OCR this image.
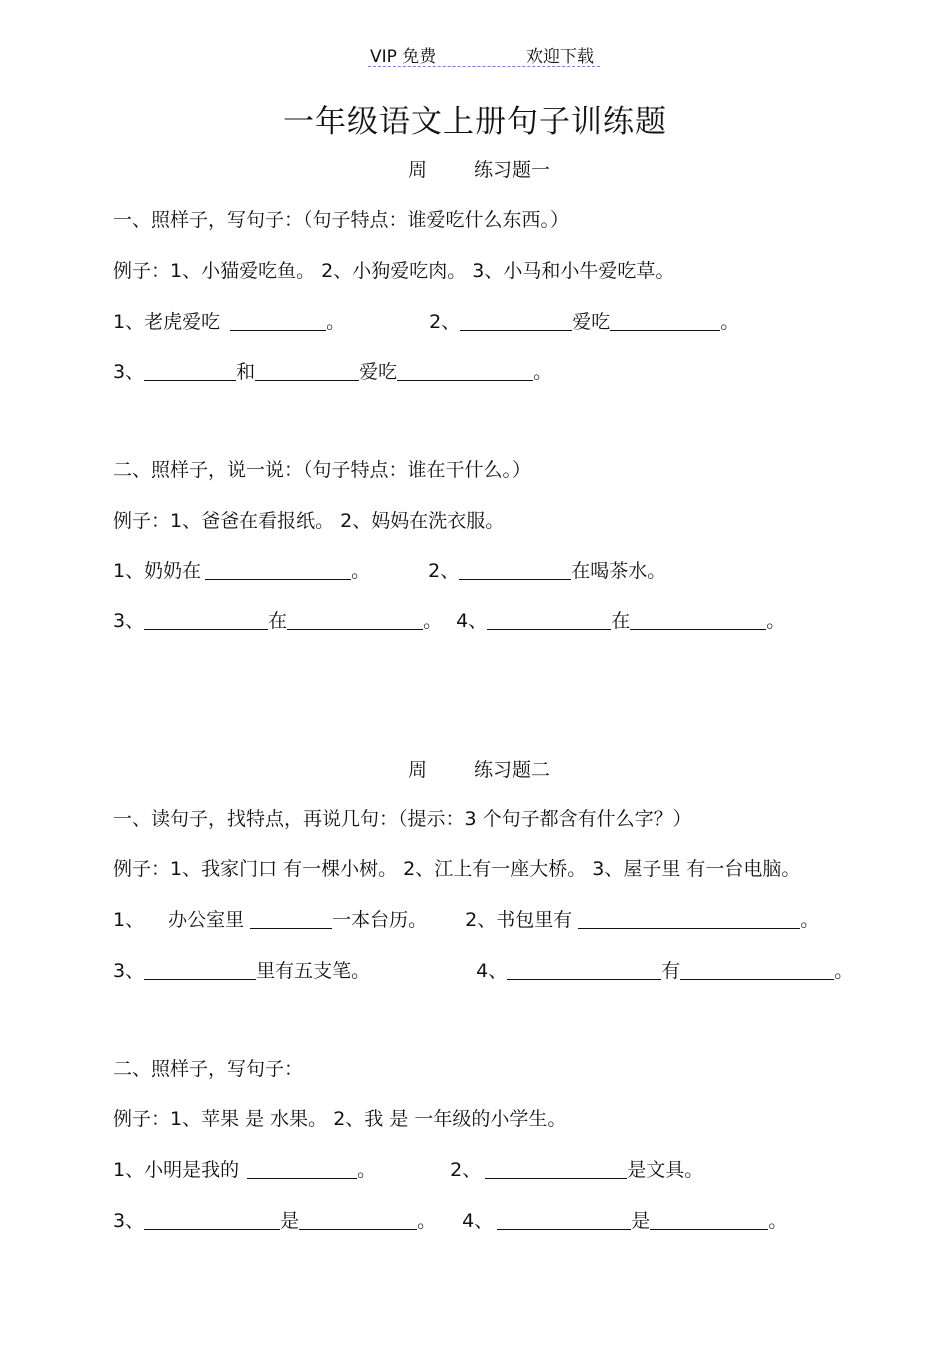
VIP 免费	欢迎下载
一年级语文上册句子训练题
周 练习题一
一、照样子，写句子：（句子特点：谁爱吃什么东西。）
例子：1、小猫爱吃鱼。 2、小狗爱吃肉。 3、小马和小牛爱吃草。
1、老虎爱吃	。	2、	爱吃	。
3、	和	爱吃	。
二、照样子，说一说：（句子特点：谁在干什么。）
例子：1、爸爸在看报纸。 2、妈妈在洗衣服。
1、奶奶在	。	2、	在喝茶水。
3、	在	。 4、	在	。
周 练习题二
一、读句子，找特点，再说几句：（提示：3 个句子都含有什么字？）
例子：1、我家门口 有一棵小树。 2、江上有一座大桥。 3、屋子里 有一台电脑。
1、 办公室里	一本台历。 2、书包里有	。
3、	里有五支笔。	4、	有	。
二、照样子，写句子：
例子：1、苹果 是 水果。 2、我 是 一年级的小学生。
1、小明是我的	。	2、	是文具。
3、	是	。 4、	是	。
